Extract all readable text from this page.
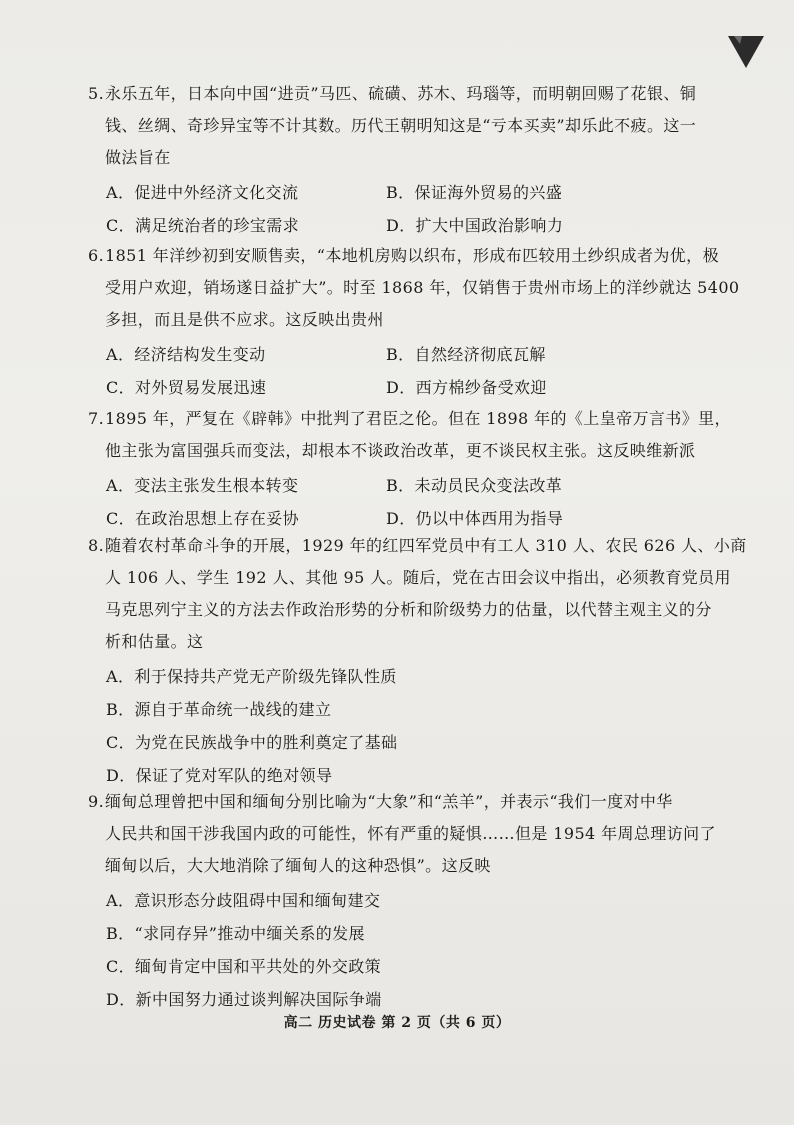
5.永乐五年，日本向中国“进贡”马匹、硫磺、苏木、玛瑙等，而明朝回赐了花银、铜
钱、丝绸、奇珍异宝等不计其数。历代王朝明知这是“亏本买卖”却乐此不疲。这一
做法旨在
A．促进中外经济文化交流	B．保证海外贸易的兴盛
C．满足统治者的珍宝需求	D．扩大中国政治影响力
6.1851 年洋纱初到安顺售卖，“本地机房购以织布，形成布匹较用土纱织成者为优，极
受用户欢迎，销场遂日益扩大”。时至 1868 年，仅销售于贵州市场上的洋纱就达 5400
多担，而且是供不应求。这反映出贵州
A．经济结构发生变动	B．自然经济彻底瓦解
C．对外贸易发展迅速	D．西方棉纱备受欢迎
7.1895 年，严复在《辟韩》中批判了君臣之伦。但在 1898 年的《上皇帝万言书》里，
他主张为富国强兵而变法，却根本不谈政治改革，更不谈民权主张。这反映维新派
A．变法主张发生根本转变	B．未动员民众变法改革
C．在政治思想上存在妥协	D．仍以中体西用为指导
8.随着农村革命斗争的开展，1929 年的红四军党员中有工人 310 人、农民 626 人、小商
人 106 人、学生 192 人、其他 95 人。随后，党在古田会议中指出，必须教育党员用
马克思列宁主义的方法去作政治形势的分析和阶级势力的估量，以代替主观主义的分
析和估量。这
A．利于保持共产党无产阶级先锋队性质
B．源自于革命统一战线的建立
C．为党在民族战争中的胜利奠定了基础
D．保证了党对军队的绝对领导
9.缅甸总理曾把中国和缅甸分别比喻为“大象”和“羔羊”，并表示“我们一度对中华
人民共和国干涉我国内政的可能性，怀有严重的疑惧……但是 1954 年周总理访问了
缅甸以后，大大地消除了缅甸人的这种恐惧”。这反映
A．意识形态分歧阻碍中国和缅甸建交
B．“求同存异”推动中缅关系的发展
C．缅甸肯定中国和平共处的外交政策
D．新中国努力通过谈判解决国际争端
高二 历史试卷 第 2 页（共 6 页）
